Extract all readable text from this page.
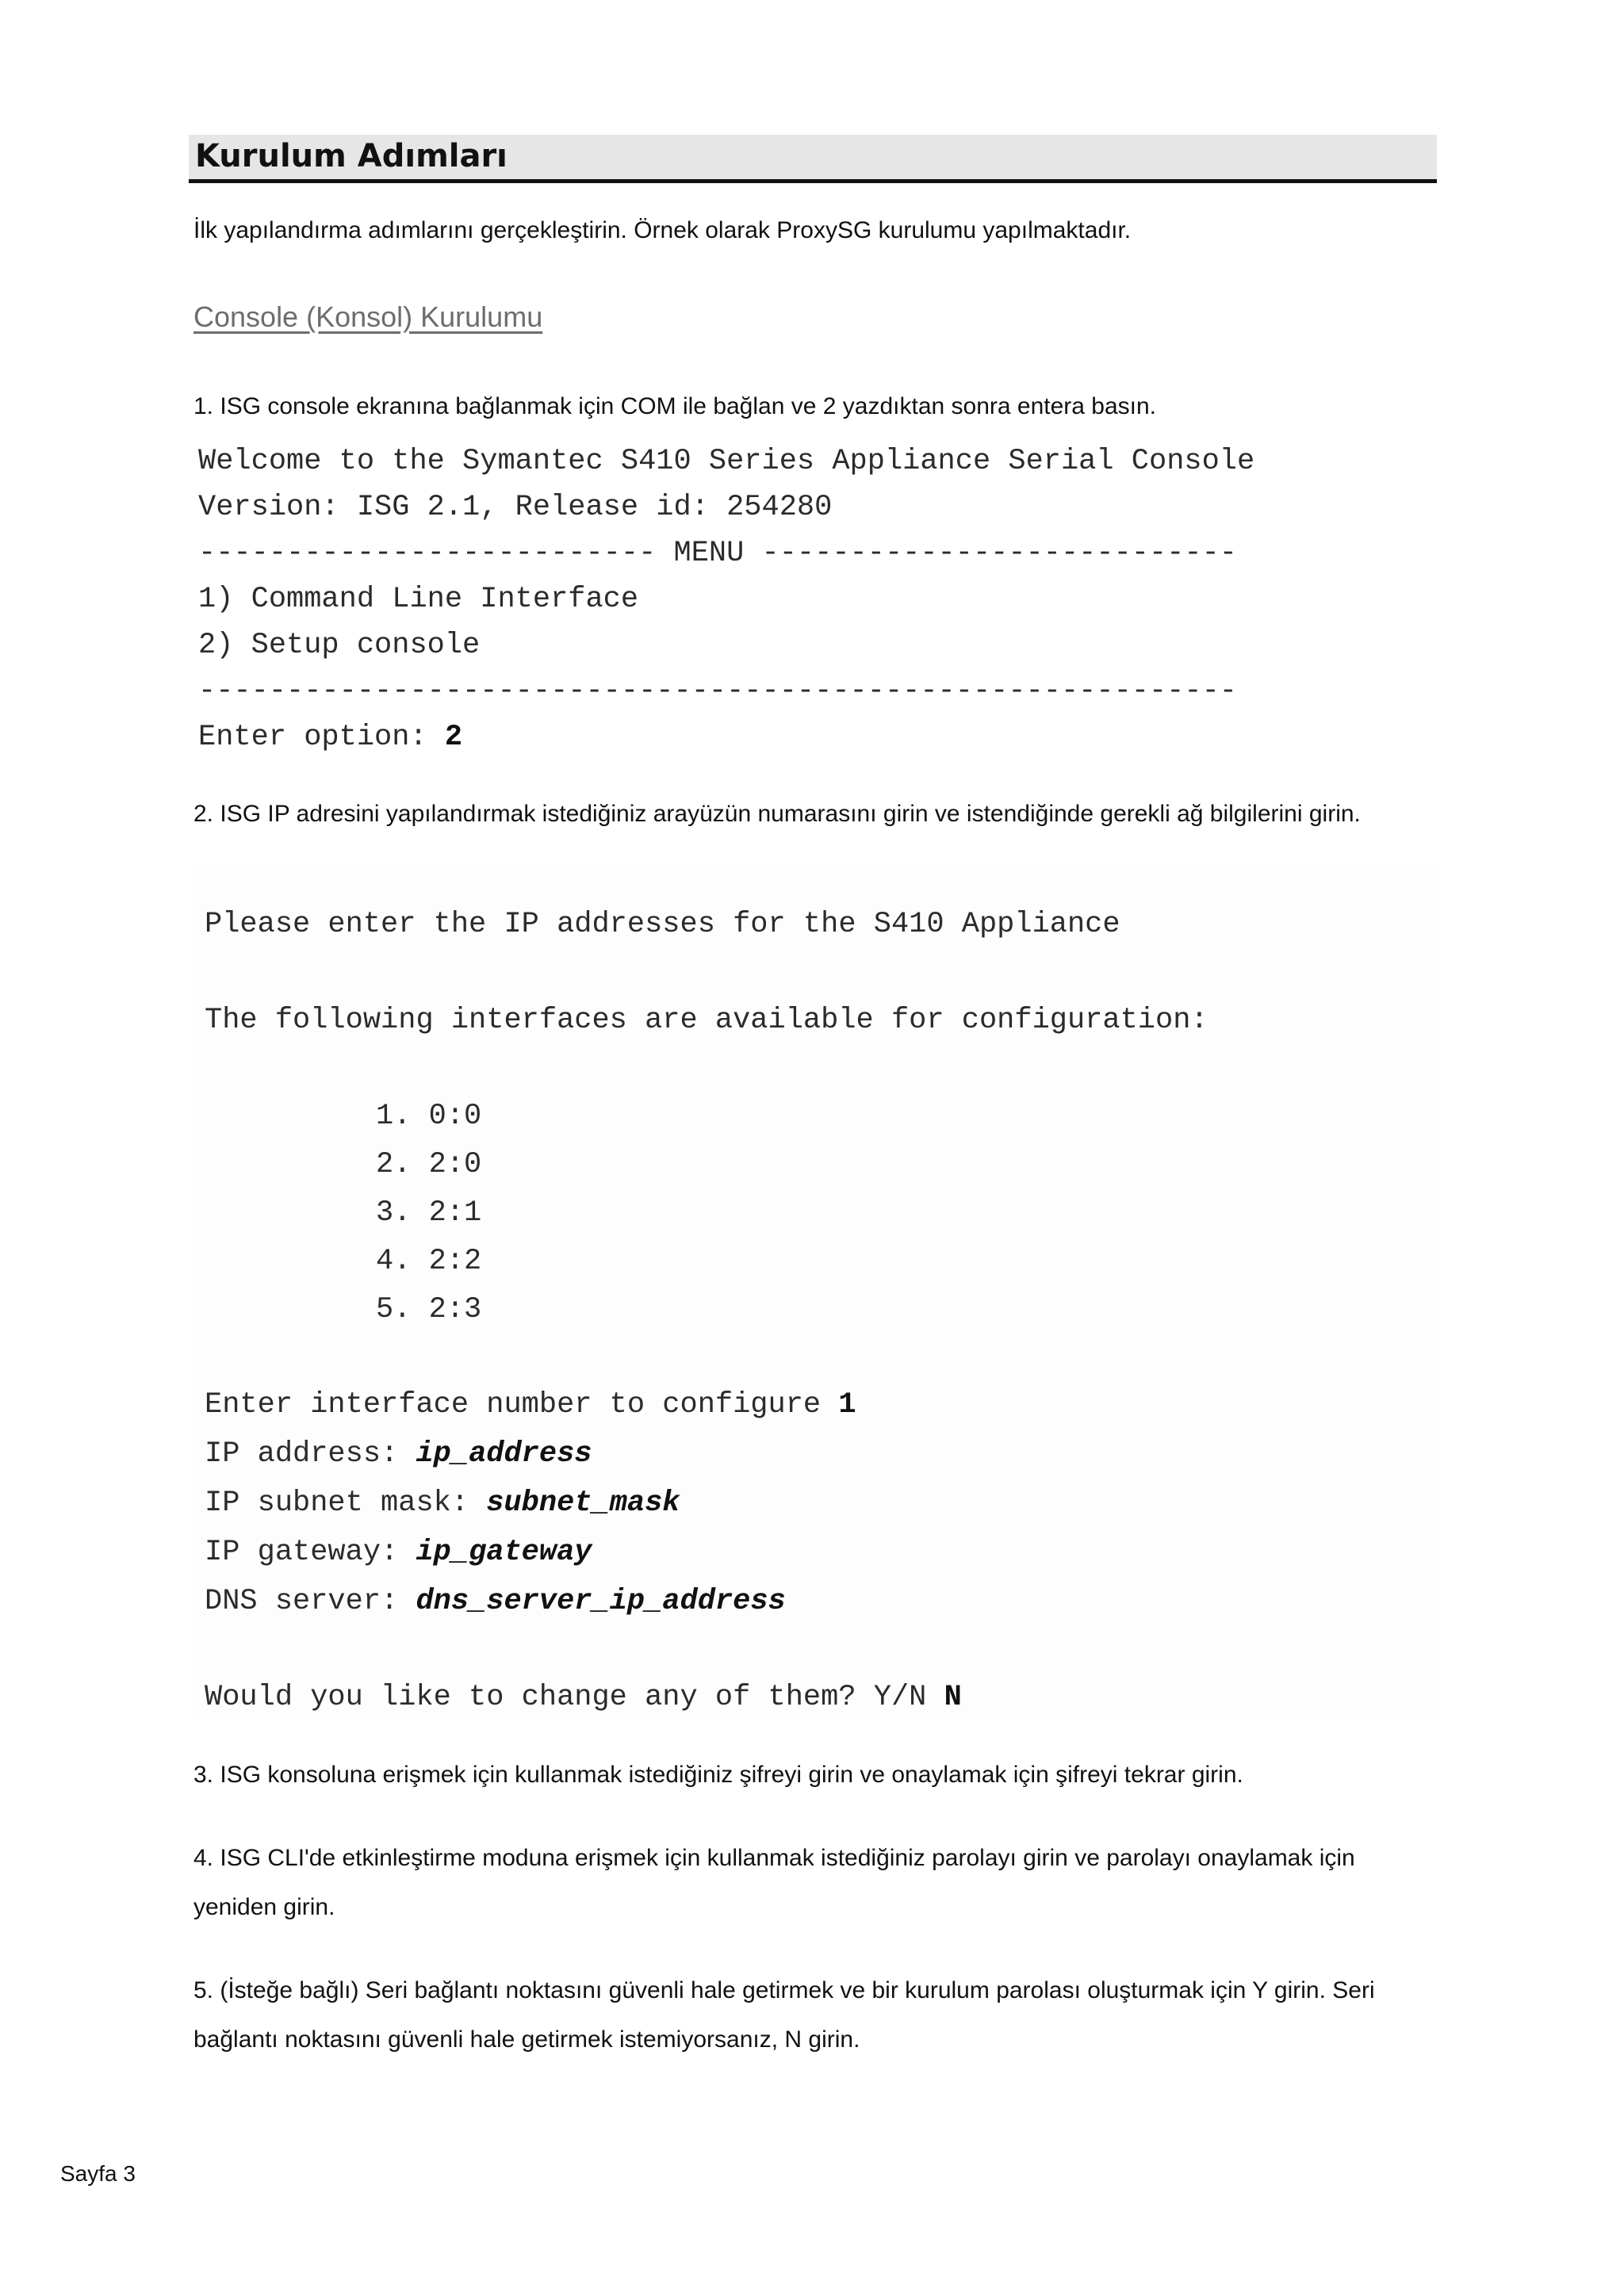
Kurulum Adımları
İlk yapılandırma adımlarını gerçekleştirin. Örnek olarak ProxySG kurulumu yapılmaktadır.
Console (Konsol) Kurulumu
1. ISG console ekranına bağlanmak için COM ile bağlan ve 2 yazdıktan sonra entera basın.
Welcome to the Symantec S410 Series Appliance Serial Console
Version: ISG 2.1, Release id: 254280
-------------------------- MENU ---------------------------
1) Command Line Interface
2) Setup console
-----------------------------------------------------------
Enter option: 2
2. ISG IP adresini yapılandırmak istediğiniz arayüzün numarasını girin ve istendiğinde gerekli ağ bilgilerini girin.
Please enter the IP addresses for the S410 Appliance
The following interfaces are available for configuration:
1. 0:0
2. 2:0
3. 2:1
4. 2:2
5. 2:3
Enter interface number to configure 1
IP address: ip_address
IP subnet mask: subnet_mask
IP gateway: ip_gateway
DNS server: dns_server_ip_address
Would you like to change any of them? Y/N N
3. ISG konsoluna erişmek için kullanmak istediğiniz şifreyi girin ve onaylamak için şifreyi tekrar girin.
4. ISG CLI'de etkinleştirme moduna erişmek için kullanmak istediğiniz parolayı girin ve parolayı onaylamak için yeniden girin.
5. (İsteğe bağlı) Seri bağlantı noktasını güvenli hale getirmek ve bir kurulum parolası oluşturmak için Y girin. Seri bağlantı noktasını güvenli hale getirmek istemiyorsanız, N girin.
Sayfa 3
